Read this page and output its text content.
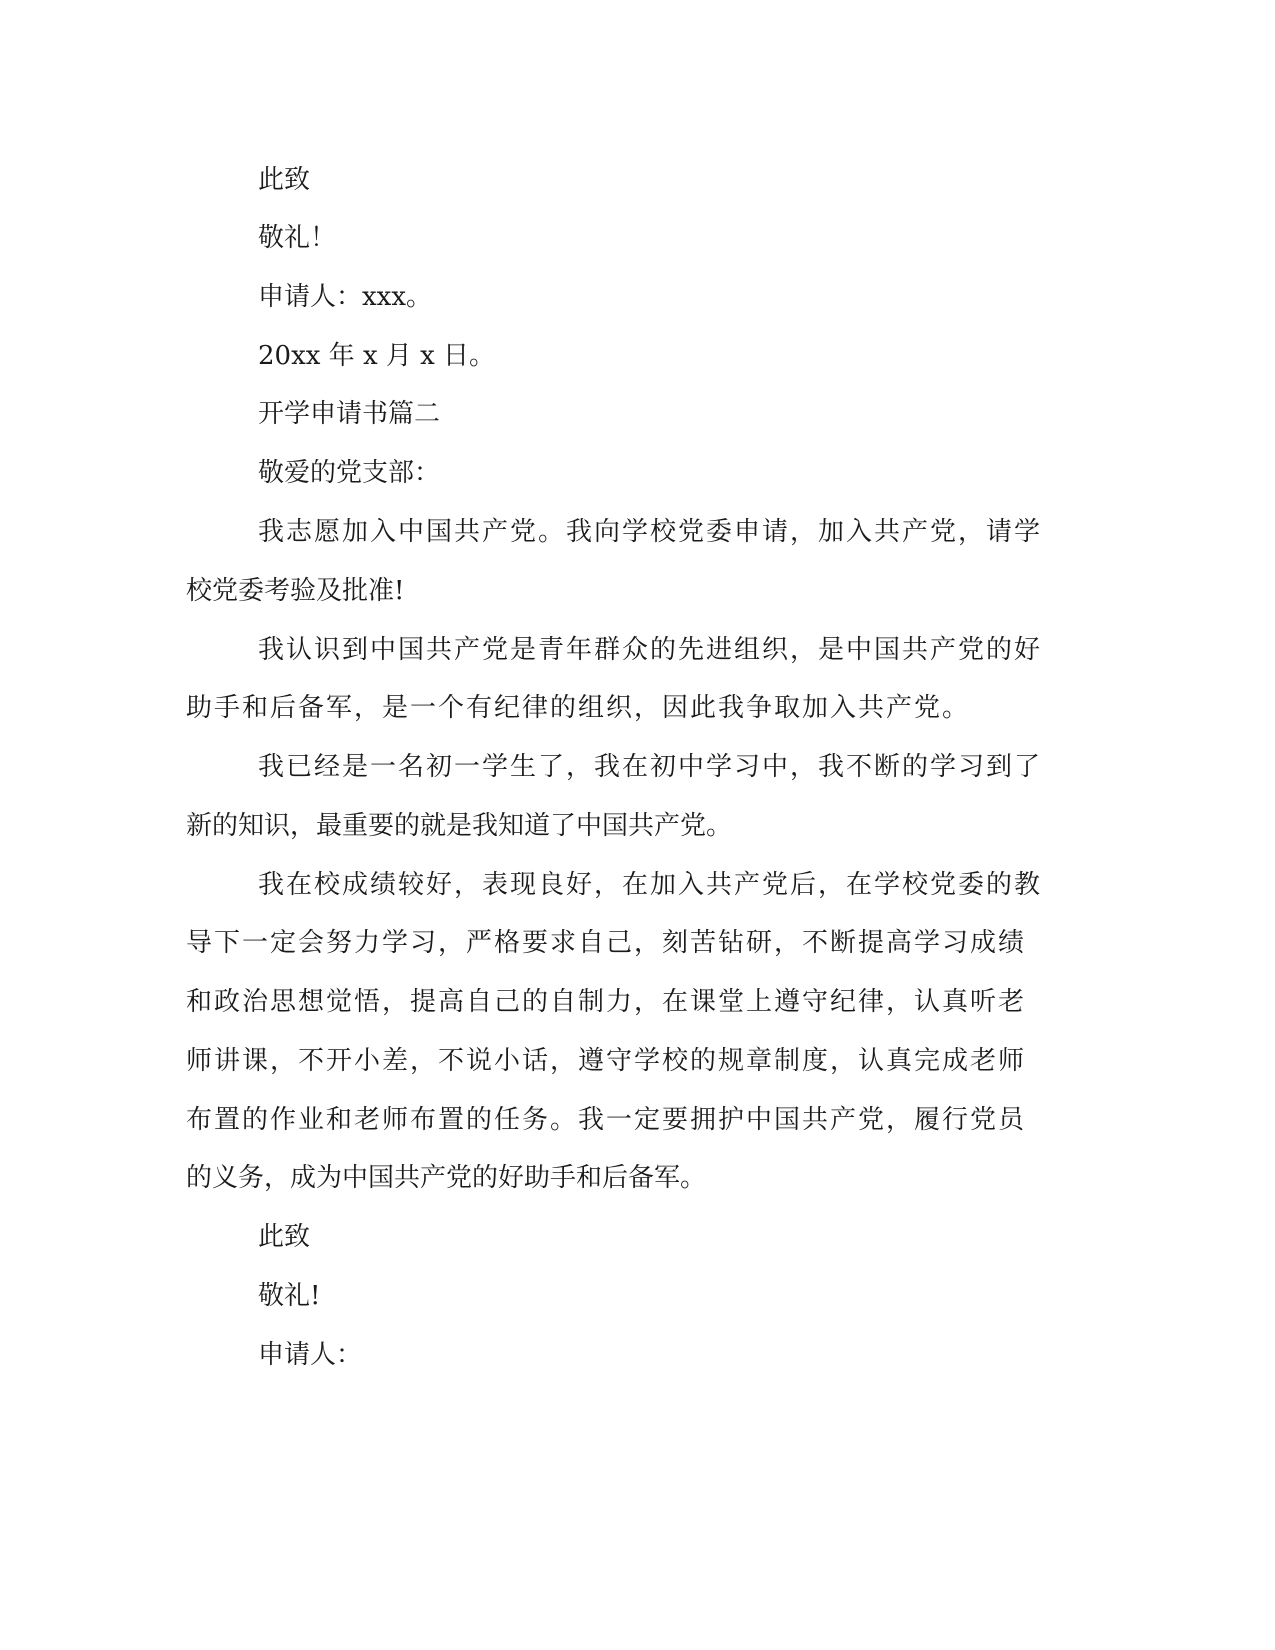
此致
敬礼！
申请人：xxx。
20xx 年 x 月 x 日。
开学申请书篇二
敬爱的党支部：
我志愿加入中国共产党。我向学校党委申请，加入共产党，请学
校党委考验及批准!
我认识到中国共产党是青年群众的先进组织，是中国共产党的好
助手和后备军，是一个有纪律的组织，因此我争取加入共产党。
我已经是一名初一学生了，我在初中学习中，我不断的学习到了
新的知识，最重要的就是我知道了中国共产党。
我在校成绩较好，表现良好，在加入共产党后，在学校党委的教
导下一定会努力学习，严格要求自己，刻苦钻研，不断提高学习成绩
和政治思想觉悟，提高自己的自制力，在课堂上遵守纪律，认真听老
师讲课，不开小差，不说小话，遵守学校的规章制度，认真完成老师
布置的作业和老师布置的任务。我一定要拥护中国共产党，履行党员
的义务，成为中国共产党的好助手和后备军。
此致
敬礼!
申请人：
